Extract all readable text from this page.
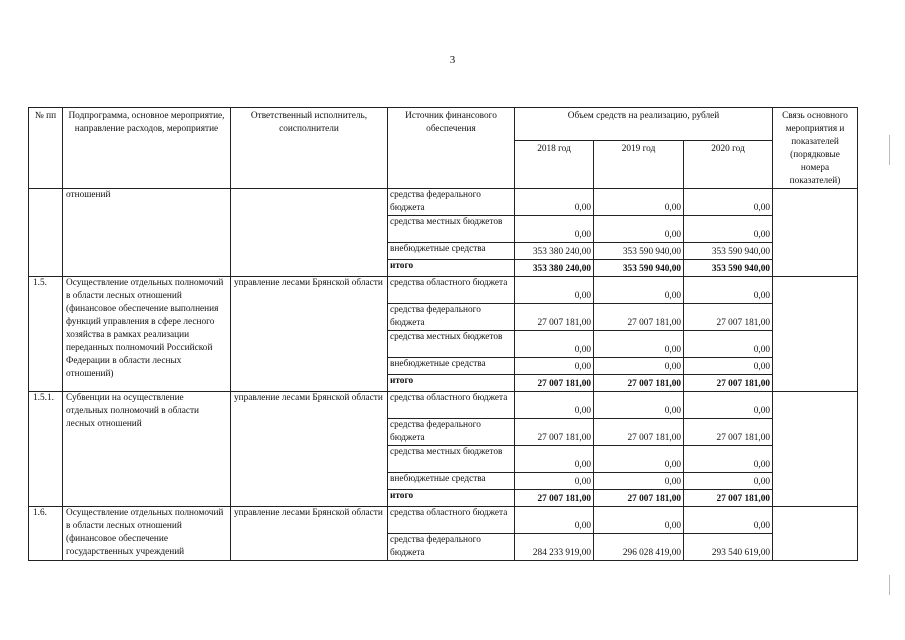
3
№ пп	Подпрограмма, основное мероприятие, направление расходов, мероприятие	Ответственный исполнитель, соисполнители	Источник финансового обеспечения	Объем средств на реализацию, рублей			Связь основного мероприятия и показателей (порядковые номера показателей)
				2018 год	2019 год	2020 год	
	отношений		средства федерального бюджета	0,00	0,00	0,00	
			средства местных бюджетов	0,00	0,00	0,00	
			внебюджетные средства	353 380 240,00	353 590 940,00	353 590 940,00	
			итого	353 380 240,00	353 590 940,00	353 590 940,00	
1.5.	Осуществление отдельных полномочий в области лесных отношений (финансовое обеспечение выполнения функций управления в сфере лесного хозяйства в рамках реализации переданных полномочий Российской Федерации в области лесных отношений)	управление лесами Брянской области	средства областного бюджета	0,00	0,00	0,00	
			средства федерального бюджета	27 007 181,00	27 007 181,00	27 007 181,00	
			средства местных бюджетов	0,00	0,00	0,00	
			внебюджетные средства	0,00	0,00	0,00	
			итого	27 007 181,00	27 007 181,00	27 007 181,00	
1.5.1.	Субвенции на осуществление отдельных полномочий в области лесных отношений	управление лесами Брянской области	средства областного бюджета	0,00	0,00	0,00	
			средства федерального бюджета	27 007 181,00	27 007 181,00	27 007 181,00	
			средства местных бюджетов	0,00	0,00	0,00	
			внебюджетные средства	0,00	0,00	0,00	
			итого	27 007 181,00	27 007 181,00	27 007 181,00	
1.6.	Осуществление отдельных полномочий в области лесных отношений (финансовое обеспечение государственных учреждений	управление лесами Брянской области	средства областного бюджета	0,00	0,00	0,00	
			средства федерального бюджета	284 233 919,00	296 028 419,00	293 540 619,00	
